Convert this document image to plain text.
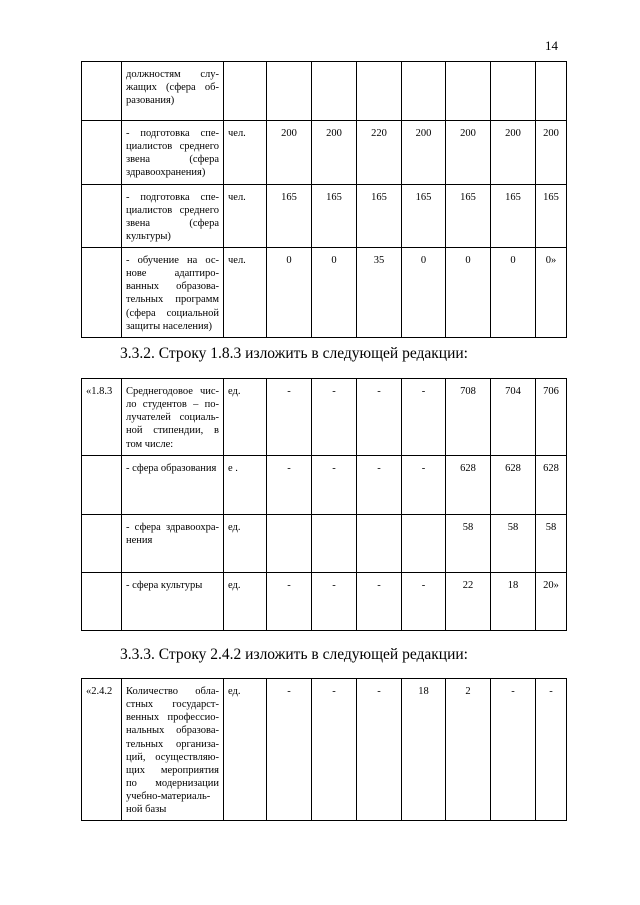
14
	должностям служащих (сфера образования)								
	- подготовка специалистов среднего звена (сфера здравоохранения)	чел.	200	200	220	200	200	200	200
	- подготовка специалистов среднего звена (сфера культуры)	чел.	165	165	165	165	165	165	165
	- обучение на основе адаптированных образовательных программ (сфера социальной защиты населения)	чел.	0	0	35	0	0	0	0»
3.3.2. Строку 1.8.3 изложить в следующей редакции:
«1.8.3	Среднегодовое число студентов – получателей социальной стипендии, в том числе:	ед.	-	-	-	-	708	704	706
	- сфера образования	е .	-	-	-	-	628	628	628
	- сфера здравоохранения	ед.					58	58	58
	- сфера культуры	ед.	-	-	-	-	22	18	20»
3.3.3. Строку 2.4.2 изложить в следующей редакции:
«2.4.2	Количество областных государственных профессиональных образовательных организаций, осуществляющих мероприятия по модернизации учебно-материальной базы	ед.	-	-	-	18	2	-	-
